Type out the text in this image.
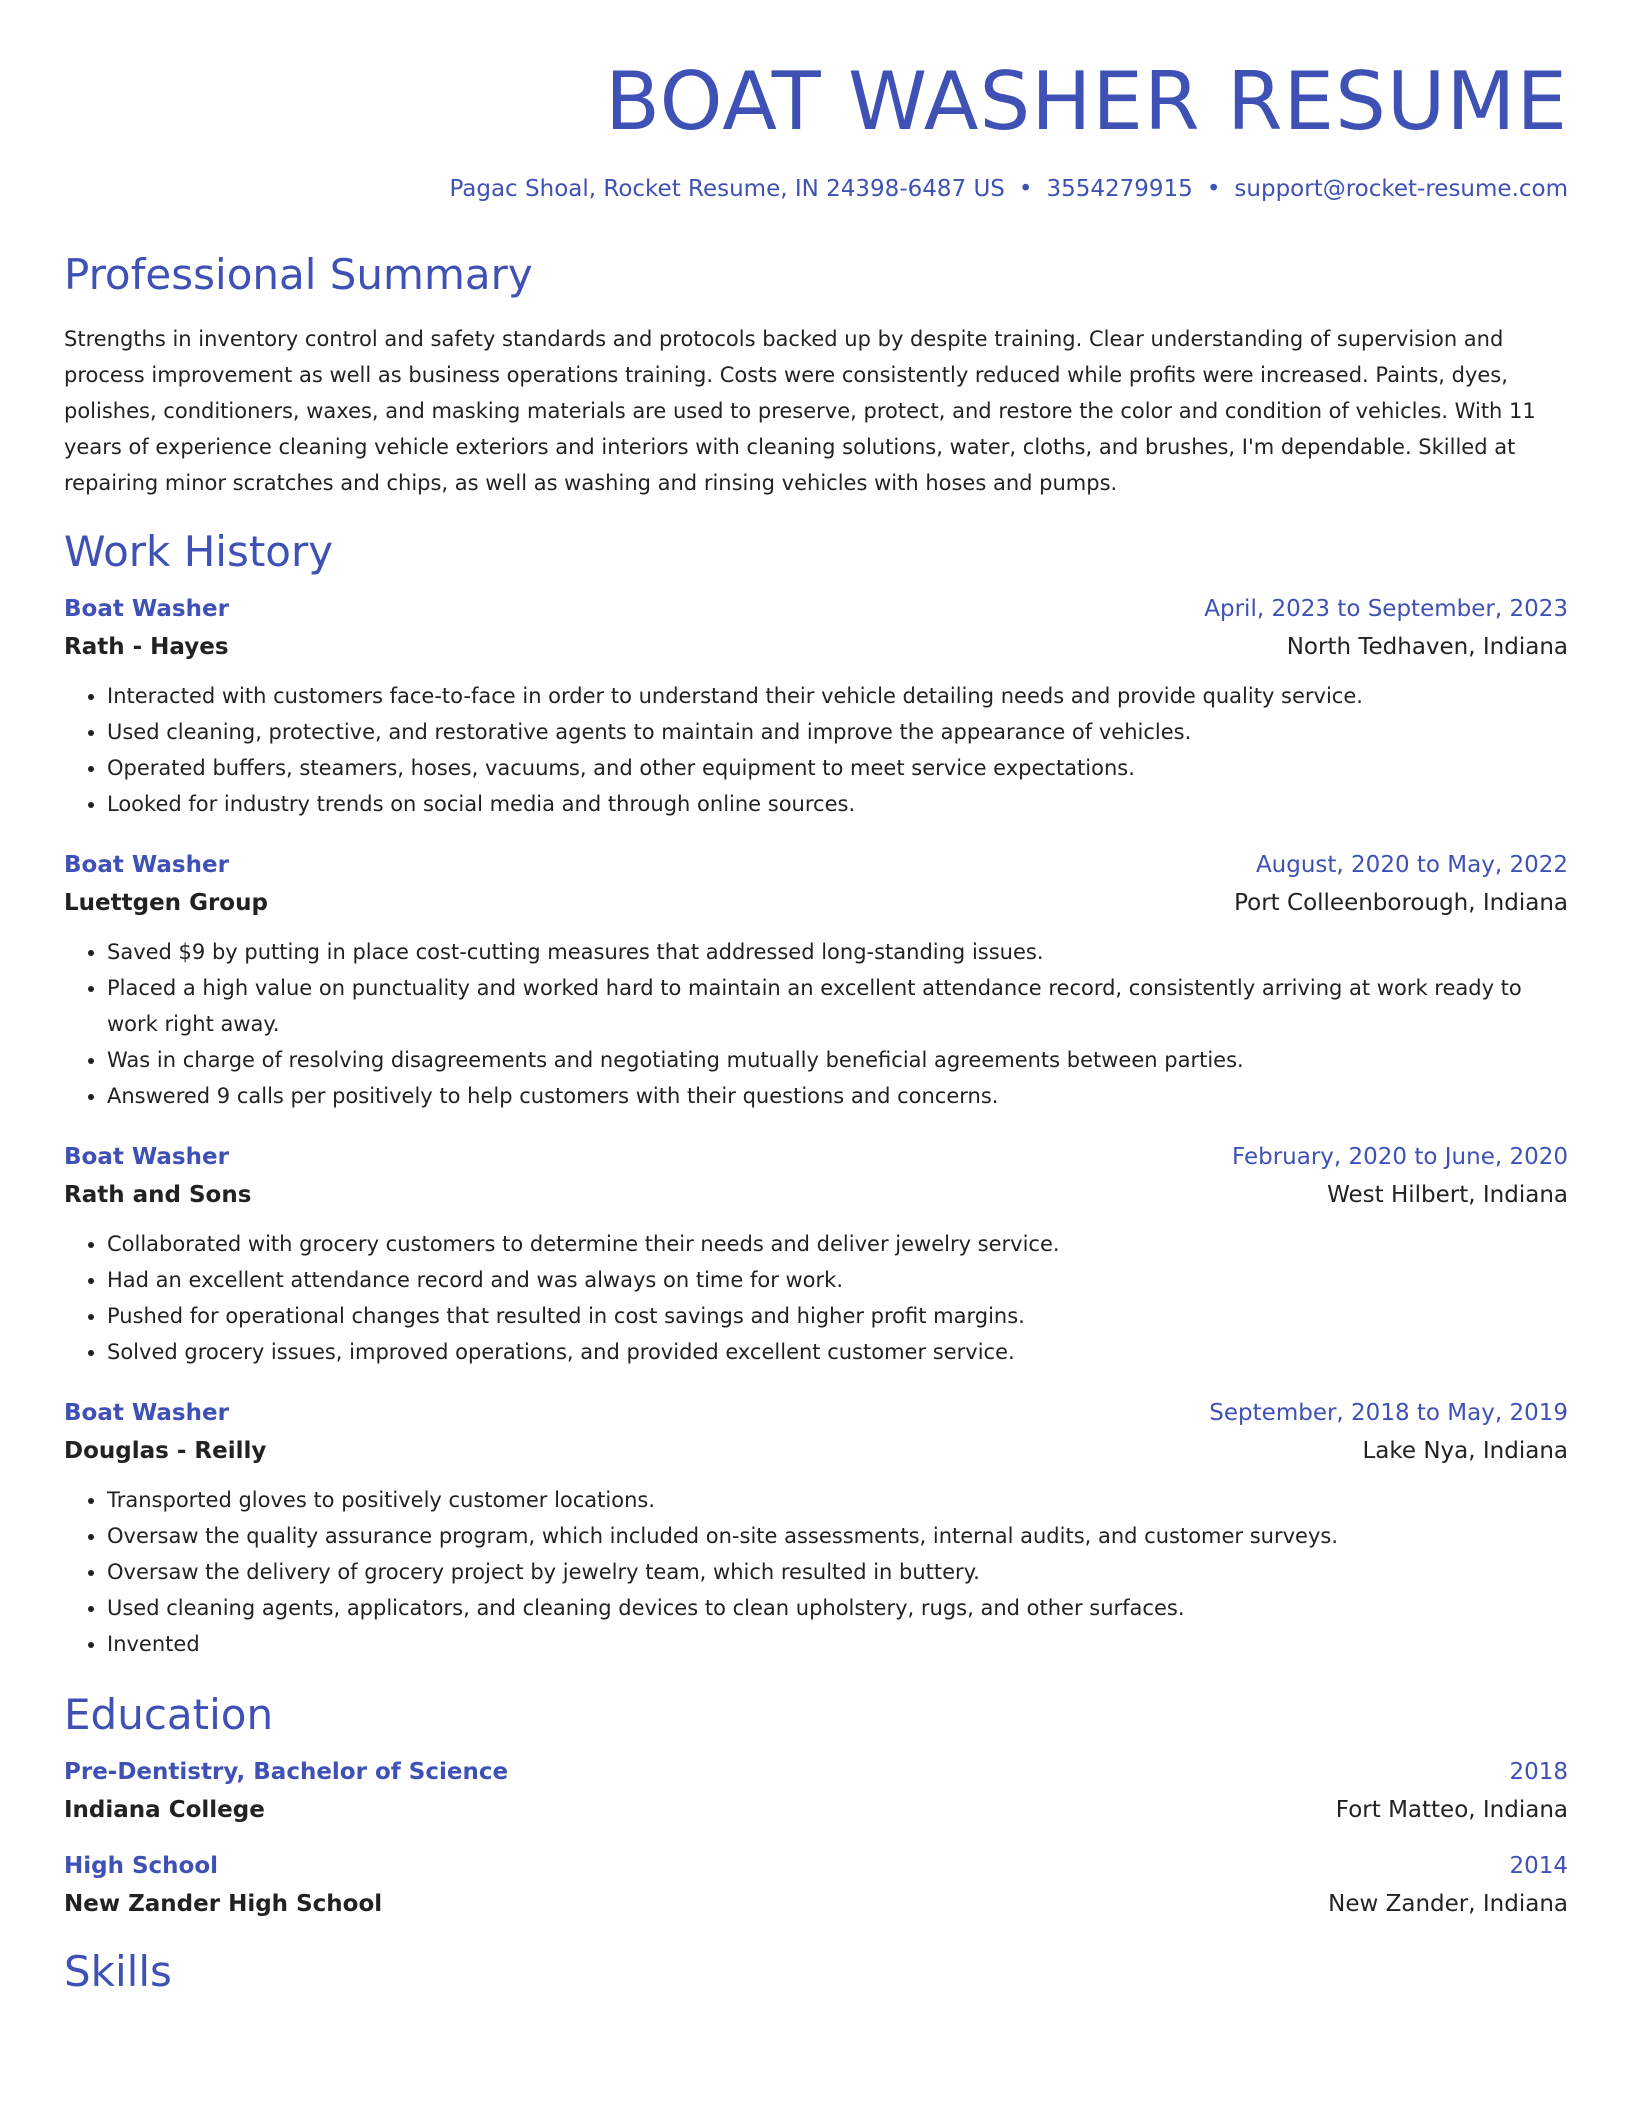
BOAT WASHER RESUME
Pagac Shoal, Rocket Resume, IN 24398-6487 US • 3554279915 • support@rocket-resume.com
Professional Summary

Strengths in inventory control and safety standards and protocols backed up by despite training. Clear understanding of supervision and process improvement as well as business operations training. Costs were consistently reduced while profits were increased. Paints, dyes, polishes, conditioners, waxes, and masking materials are used to preserve, protect, and restore the color and condition of vehicles. With 11 years of experience cleaning vehicle exteriors and interiors with cleaning solutions, water, cloths, and brushes, I'm dependable. Skilled at repairing minor scratches and chips, as well as washing and rinsing vehicles with hoses and pumps.

Work History
Boat Washer	April, 2023 to September, 2023
Rath - Hayes	North Tedhaven, Indiana
• Interacted with customers face-to-face in order to understand their vehicle detailing needs and provide quality service.
• Used cleaning, protective, and restorative agents to maintain and improve the appearance of vehicles.
• Operated buffers, steamers, hoses, vacuums, and other equipment to meet service expectations.
• Looked for industry trends on social media and through online sources.
Boat Washer	August, 2020 to May, 2022
Luettgen Group	Port Colleenborough, Indiana
• Saved $9 by putting in place cost-cutting measures that addressed long-standing issues.
• Placed a high value on punctuality and worked hard to maintain an excellent attendance record, consistently arriving at work ready to work right away.
• Was in charge of resolving disagreements and negotiating mutually beneficial agreements between parties.
• Answered 9 calls per positively to help customers with their questions and concerns.
Boat Washer	February, 2020 to June, 2020
Rath and Sons	West Hilbert, Indiana
• Collaborated with grocery customers to determine their needs and deliver jewelry service.
• Had an excellent attendance record and was always on time for work.
• Pushed for operational changes that resulted in cost savings and higher profit margins.
• Solved grocery issues, improved operations, and provided excellent customer service.
Boat Washer	September, 2018 to May, 2019
Douglas - Reilly	Lake Nya, Indiana
• Transported gloves to positively customer locations.
• Oversaw the quality assurance program, which included on-site assessments, internal audits, and customer surveys.
• Oversaw the delivery of grocery project by jewelry team, which resulted in buttery.
• Used cleaning agents, applicators, and cleaning devices to clean upholstery, rugs, and other surfaces.
• Invented
Education
Pre-Dentistry, Bachelor of Science	2018
Indiana College	Fort Matteo, Indiana
High School	2014
New Zander High School	New Zander, Indiana
Skills
